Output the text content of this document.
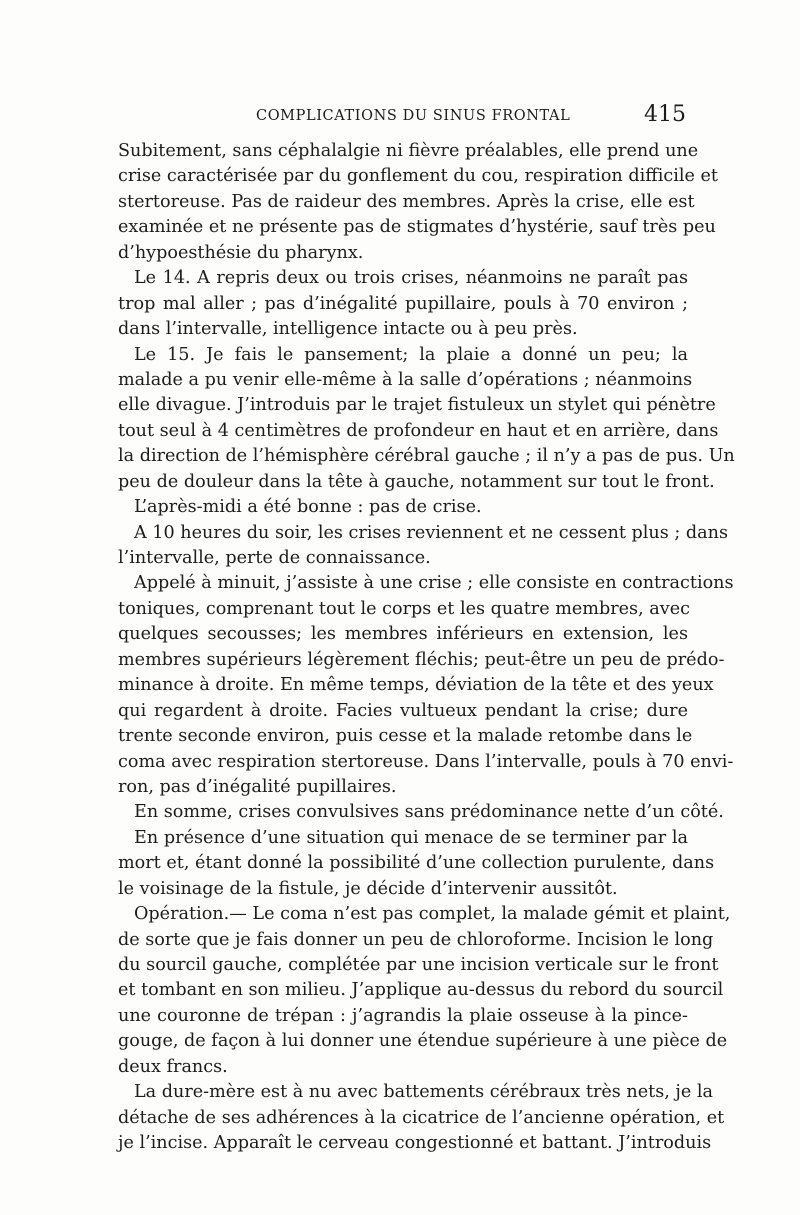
COMPLICATIONS DU SINUS FRONTAL	415
Subitement, sans céphalalgie ni fièvre préalables, elle prend une
crise caractérisée par du gonflement du cou, respiration difficile et
stertoreuse. Pas de raideur des membres. Après la crise, elle est
examinée et ne présente pas de stigmates d’hystérie, sauf très peu
d’hypoesthésie du pharynx.
Le 14. A repris deux ou trois crises, néanmoins ne paraît pas
trop mal aller ; pas d’inégalité pupillaire, pouls à 70 environ ;
dans l’intervalle, intelligence intacte ou à peu près.
Le 15. Je fais le pansement; la plaie a donné un peu; la
malade a pu venir elle-même à la salle d’opérations ; néanmoins
elle divague. J’introduis par le trajet fistuleux un stylet qui pénètre
tout seul à 4 centimètres de profondeur en haut et en arrière, dans
la direction de l’hémisphère cérébral gauche ; il n’y a pas de pus. Un
peu de douleur dans la tête à gauche, notamment sur tout le front.
L’après-midi a été bonne : pas de crise.
A 10 heures du soir, les crises reviennent et ne cessent plus ; dans
l’intervalle, perte de connaissance.
Appelé à minuit, j’assiste à une crise ; elle consiste en contractions
toniques, comprenant tout le corps et les quatre membres, avec
quelques secousses; les membres inférieurs en extension, les
membres supérieurs légèrement fléchis; peut-être un peu de prédo-
minance à droite. En même temps, déviation de la tête et des yeux
qui regardent à droite. Facies vultueux pendant la crise; dure
trente seconde environ, puis cesse et la malade retombe dans le
coma avec respiration stertoreuse. Dans l’intervalle, pouls à 70 envi-
ron, pas d’inégalité pupillaires.
En somme, crises convulsives sans prédominance nette d’un côté.
En présence d’une situation qui menace de se terminer par la
mort et, étant donné la possibilité d’une collection purulente, dans
le voisinage de la fistule, je décide d’intervenir aussitôt.
Opération.— Le coma n’est pas complet, la malade gémit et plaint,
de sorte que je fais donner un peu de chloroforme. Incision le long
du sourcil gauche, complétée par une incision verticale sur le front
et tombant en son milieu. J’applique au-dessus du rebord du sourcil
une couronne de trépan : j’agrandis la plaie osseuse à la pince-
gouge, de façon à lui donner une étendue supérieure à une pièce de
deux francs.
La dure-mère est à nu avec battements cérébraux très nets, je la
détache de ses adhérences à la cicatrice de l’ancienne opération, et
je l’incise. Apparaît le cerveau congestionné et battant. J’introduis
